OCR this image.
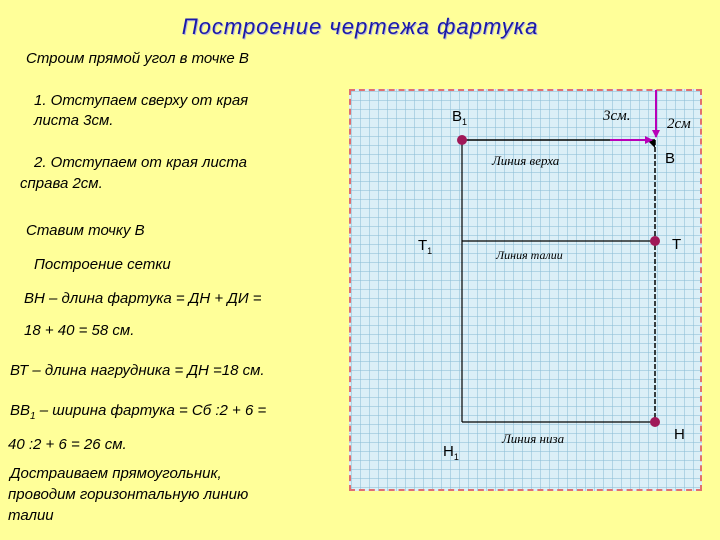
Построение чертежа фартука
Строим прямой угол в точке В
1. Отступаем сверху от края
листа 3см.
2. Отступаем от края листа
справа 2см.
Ставим точку В
Построение сетки
ВН – длина фартука = ДН + ДИ =
18 + 40 = 58 см.
ВТ – длина нагрудника = ДН =18 см.
$ВВ_1$ – ширина фартука = Сб :2 + 6 =
40 :2 + 6 = 26 см.
Достраиваем прямоугольник,
проводим горизонтальную линию
талии
$В_1$
В
$Т_1$	Т
$Н_1$
Н
3см. 2см
Линия верха
Линия талии
Линия низа
